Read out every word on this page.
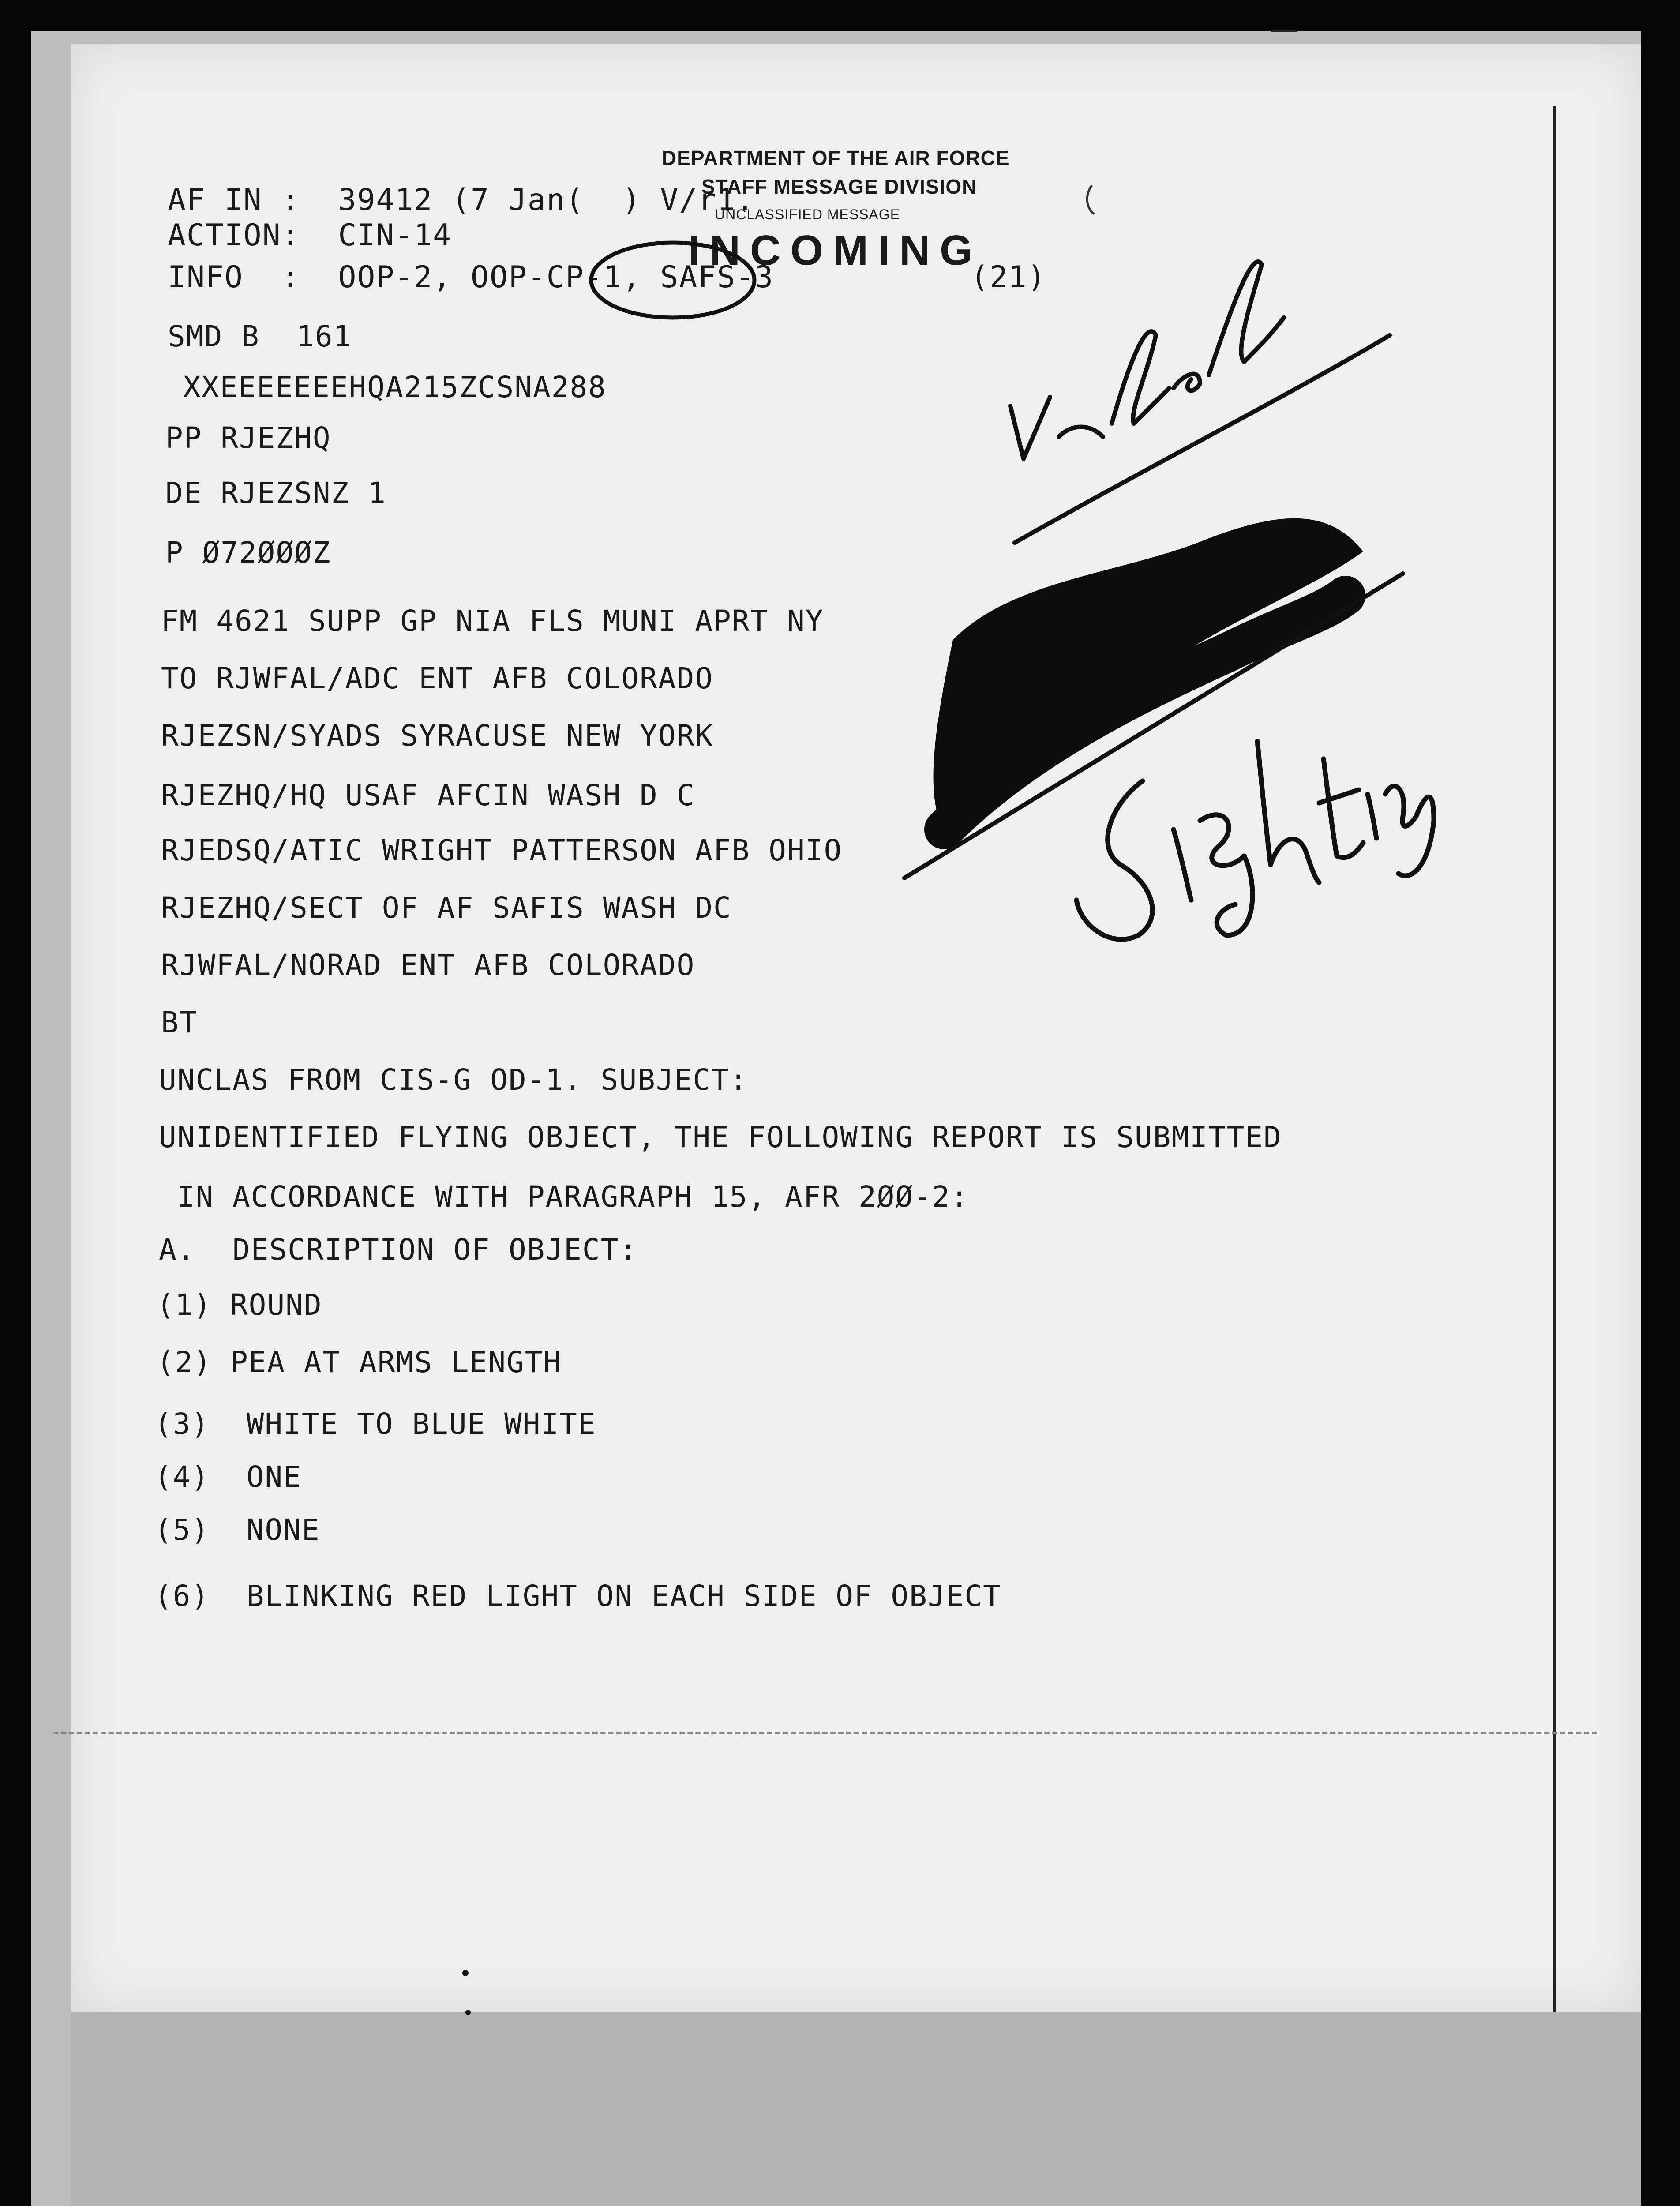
DEPARTMENT OF THE AIR FORCE
STAFF MESSAGE DIVISION
UNCLASSIFIED MESSAGE
INCOMING
AF IN :  39412 (7 Jan(  ) V/r1.
ACTION:  CIN-14
INFO  :  OOP-2, OOP-CP-1, SAFS-3	(21)
SMD B  161
XXEEEEEEEHQA215ZCSNA288
PP RJEZHQ
DE RJEZSNZ 1
P Ø72ØØØZ
FM 4621 SUPP GP NIA FLS MUNI APRT NY
TO RJWFAL/ADC ENT AFB COLORADO
RJEZSN/SYADS SYRACUSE NEW YORK
RJEZHQ/HQ USAF AFCIN WASH D C
RJEDSQ/ATIC WRIGHT PATTERSON AFB OHIO
RJEZHQ/SECT OF AF SAFIS WASH DC
RJWFAL/NORAD ENT AFB COLORADO
BT
UNCLAS FROM CIS-G OD-1. SUBJECT:
UNIDENTIFIED FLYING OBJECT, THE FOLLOWING REPORT IS SUBMITTED
IN ACCORDANCE WITH PARAGRAPH 15, AFR 2ØØ-2:
A.  DESCRIPTION OF OBJECT:
(1) ROUND
(2) PEA AT ARMS LENGTH
(3)  WHITE TO BLUE WHITE
(4)  ONE
(5)  NONE
(6)  BLINKING RED LIGHT ON EACH SIDE OF OBJECT
